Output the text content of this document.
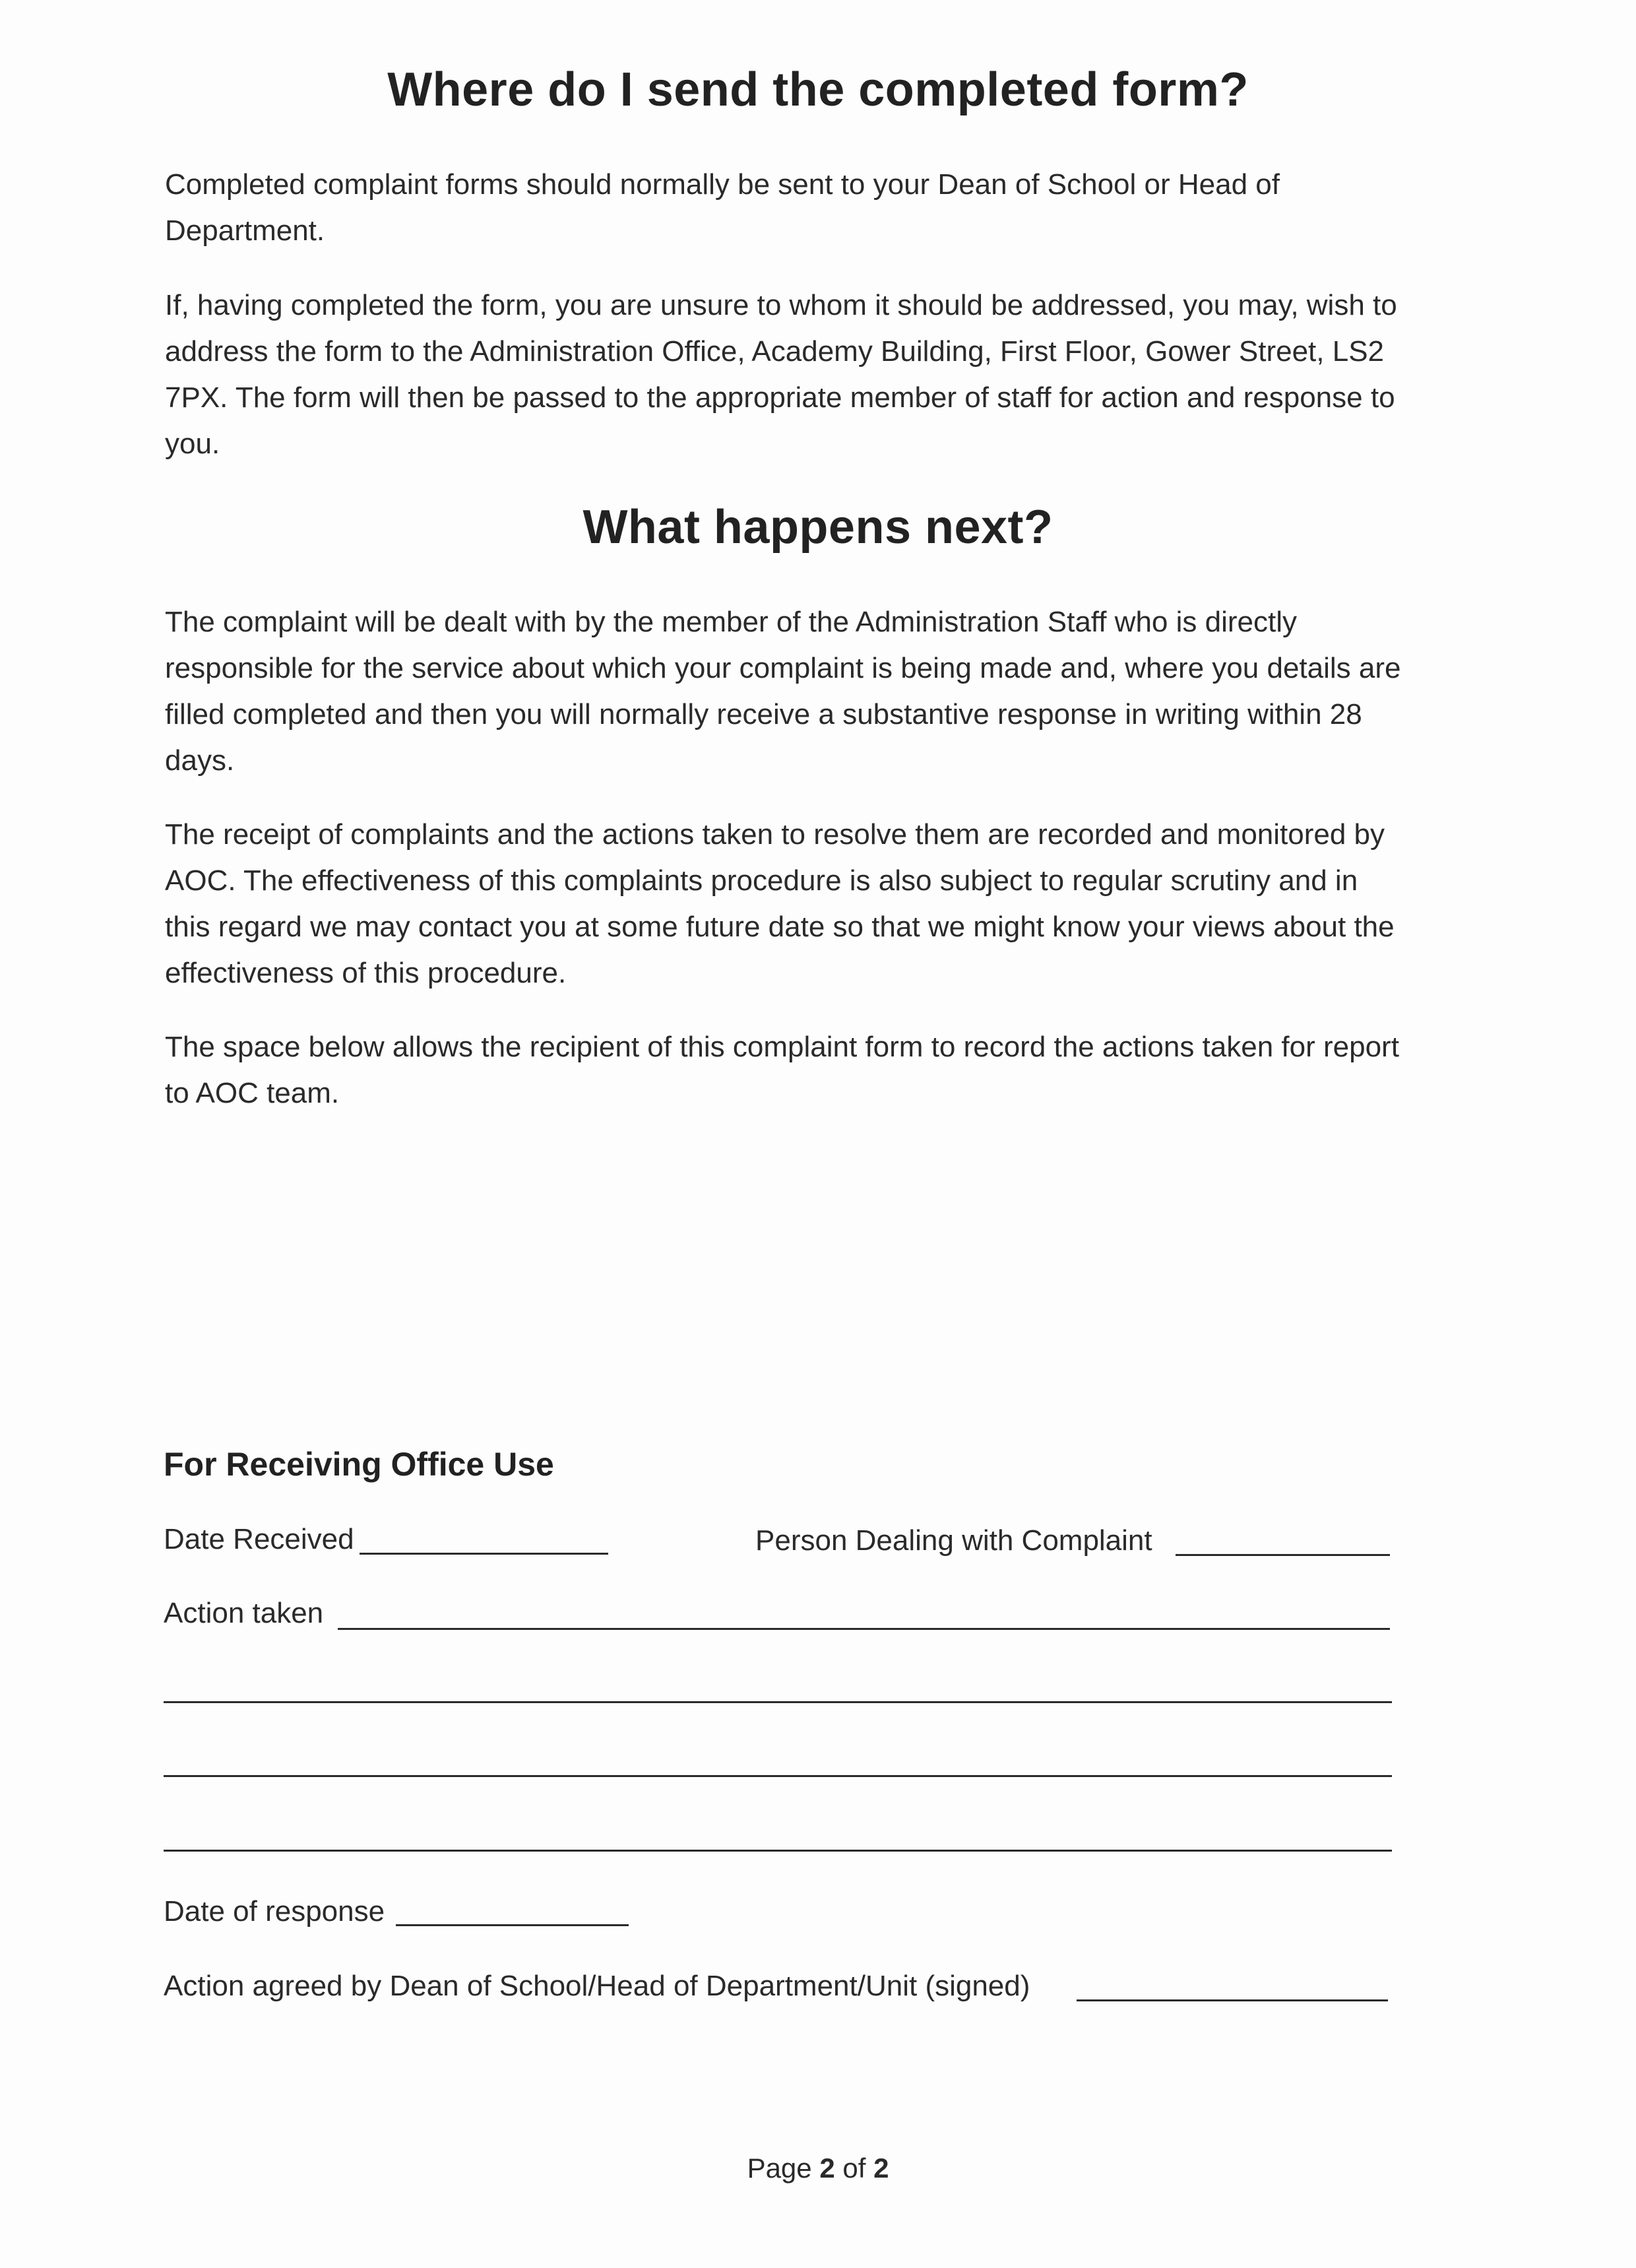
Where do I send the completed form?

Completed complaint forms should normally be sent to your Dean of School or Head of Department.

If, having completed the form, you are unsure to whom it should be addressed, you may, wish to address the form to the Administration Office, Academy Building, First Floor, Gower Street, LS2 7PX. The form will then be passed to the appropriate member of staff for action and response to you.

What happens next?

The complaint will be dealt with by the member of the Administration Staff who is directly responsible for the service about which your complaint is being made and, where you details are filled completed and then you will normally receive a substantive response in writing within 28 days.

The receipt of complaints and the actions taken to resolve them are recorded and monitored by AOC. The effectiveness of this complaints procedure is also subject to regular scrutiny and in this regard we may contact you at some future date so that we might know your views about the effectiveness of this procedure.

The space below allows the recipient of this complaint form to record the actions taken for report to AOC team.

For Receiving Office Use
Date Received	Person Dealing with Complaint
Action taken
Date of response
Action agreed by Dean of School/Head of Department/Unit (signed)
Page 2 of 2
